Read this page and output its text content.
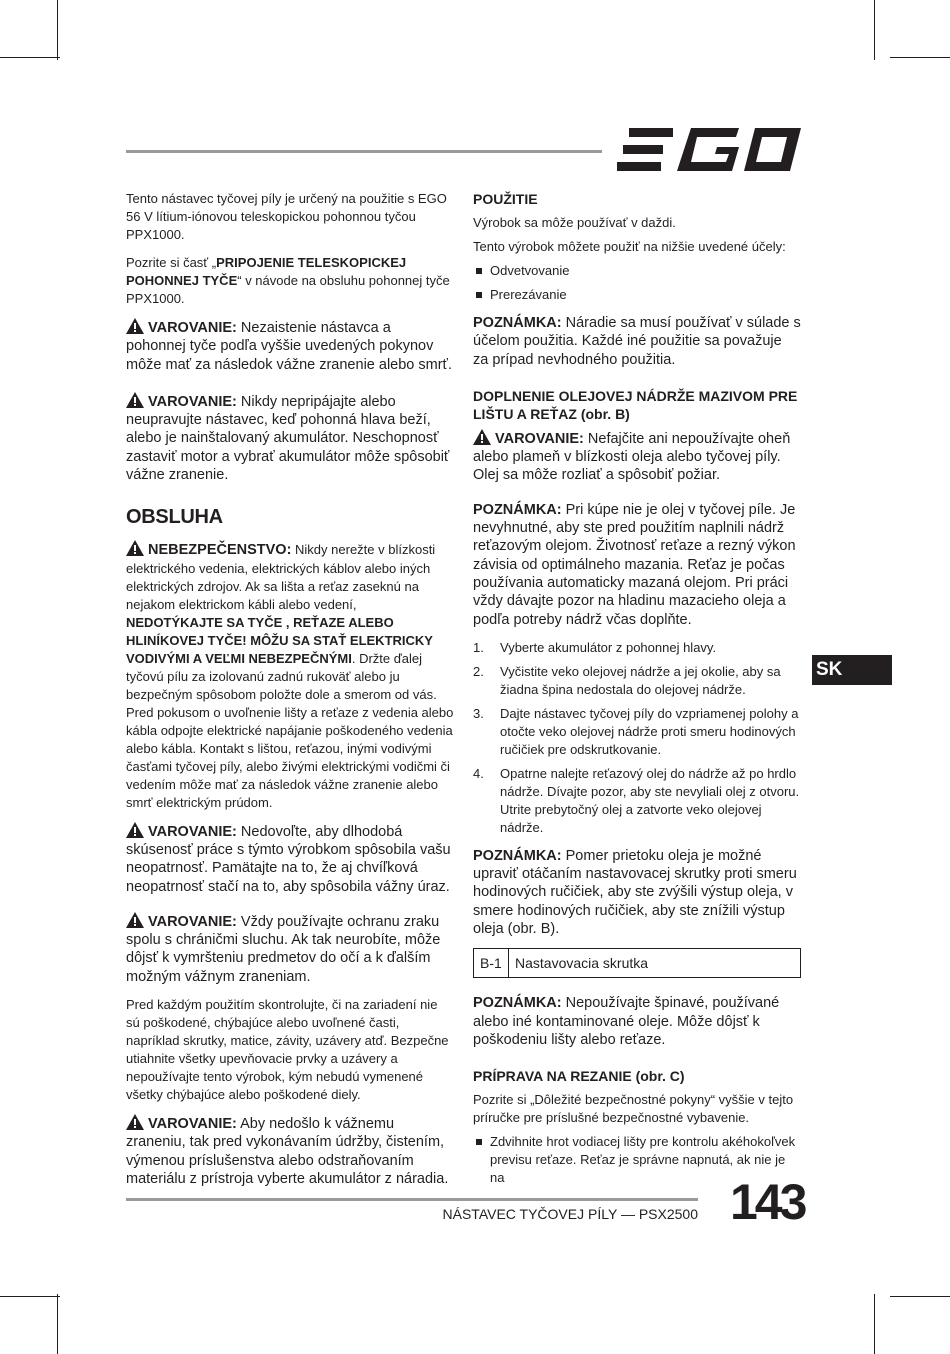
Tento nástavec tyčovej píly je určený na použitie s EGO 56 V lítium-iónovou teleskopickou pohonnou tyčou PPX1000.

Pozrite si časť „PRIPOJENIE TELESKOPICKEJ POHONNEJ TYČE“ v návode na obsluhu pohonnej tyče PPX1000.

VAROVANIE: Nezaistenie nástavca a pohonnej tyče podľa vyššie uvedených pokynov môže mať za následok vážne zranenie alebo smrť.

VAROVANIE: Nikdy nepripájajte alebo neupravujte nástavec, keď pohonná hlava beží, alebo je nainštalovaný akumulátor. Neschopnosť zastaviť motor a vybrať akumulátor môže spôsobiť vážne zranenie.

OBSLUHA

NEBEZPEČENSTVO: Nikdy nerežte v blízkosti elektrického vedenia, elektrických káblov alebo iných elektrických zdrojov. Ak sa lišta a reťaz zaseknú na nejakom elektrickom kábli alebo vedení, NEDOTÝKAJTE SA TYČE , REŤAZE ALEBO HLINÍKOVEJ TYČE! MÔŽU SA STAŤ ELEKTRICKY VODIVÝMI A VEĽMI NEBEZPEČNÝMI. Držte ďalej tyčovú pílu za izolovanú zadnú rukoväť alebo ju bezpečným spôsobom položte dole a smerom od vás. Pred pokusom o uvoľnenie lišty a reťaze z vedenia alebo kábla odpojte elektrické napájanie poškodeného vedenia alebo kábla. Kontakt s lištou, reťazou, inými vodivými časťami tyčovej píly, alebo živými elektrickými vodičmi či vedením môže mať za následok vážne zranenie alebo smrť elektrickým prúdom.

VAROVANIE: Nedovoľte, aby dlhodobá skúsenosť práce s týmto výrobkom spôsobila vašu neopatrnosť. Pamätajte na to, že aj chvíľková neopatrnosť stačí na to, aby spôsobila vážny úraz.

VAROVANIE: Vždy používajte ochranu zraku spolu s chráničmi sluchu. Ak tak neurobíte, môže dôjsť k vymršteniu predmetov do očí a k ďalším možným vážnym zraneniam.

Pred každým použitím skontrolujte, či na zariadení nie sú poškodené, chýbajúce alebo uvoľnené časti, napríklad skrutky, matice, závity, uzávery atď. Bezpečne utiahnite všetky upevňovacie prvky a uzávery a nepoužívajte tento výrobok, kým nebudú vymenené všetky chýbajúce alebo poškodené diely.

VAROVANIE: Aby nedošlo k vážnemu zraneniu, tak pred vykonávaním údržby, čistením, výmenou príslušenstva alebo odstraňovaním materiálu z prístroja vyberte akumulátor z náradia.

POUŽITIE

Výrobok sa môže používať v daždi.

Tento výrobok môžete použiť na nižšie uvedené účely:

Odvetvovanie
Prerezávanie

POZNÁMKA: Náradie sa musí používať v súlade s účelom použitia. Každé iné použitie sa považuje za prípad nevhodného použitia.

DOPLNENIE OLEJOVEJ NÁDRŽE MAZIVOM PRE LIŠTU A REŤAZ (obr. B)

VAROVANIE: Nefajčite ani nepoužívajte oheň alebo plameň v blízkosti oleja alebo tyčovej píly. Olej sa môže rozliať a spôsobiť požiar.

POZNÁMKA: Pri kúpe nie je olej v tyčovej píle. Je nevyhnutné, aby ste pred použitím naplnili nádrž reťazovým olejom. Životnosť reťaze a rezný výkon závisia od optimálneho mazania. Reťaz je počas používania automaticky mazaná olejom. Pri práci vždy dávajte pozor na hladinu mazacieho oleja a podľa potreby nádrž včas doplňte.

1. Vyberte akumulátor z pohonnej hlavy.
2. Vyčistite veko olejovej nádrže a jej okolie, aby sa žiadna špina nedostala do olejovej nádrže.
3. Dajte nástavec tyčovej píly do vzpriamenej polohy a otočte veko olejovej nádrže proti smeru hodinových ručičiek pre odskrutkovanie.
4. Opatrne nalejte reťazový olej do nádrže až po hrdlo nádrže. Dívajte pozor, aby ste nevyliali olej z otvoru. Utrite prebytočný olej a zatvorte veko olejovej nádrže.

POZNÁMKA: Pomer prietoku oleja je možné upraviť otáčaním nastavovacej skrutky proti smeru hodinových ručičiek, aby ste zvýšili výstup oleja, v smere hodinových ručičiek, aby ste znížili výstup oleja (obr. B).

B-1	Nastavovacia skrutka

POZNÁMKA: Nepoužívajte špinavé, používané alebo iné kontaminované oleje. Môže dôjsť k poškodeniu lišty alebo reťaze.

PRÍPRAVA NA REZANIE (obr. C)

Pozrite si „Dôležité bezpečnostné pokyny“ vyššie v tejto príručke pre príslušné bezpečnostné vybavenie.

Zdvihnite hrot vodiacej lišty pre kontrolu akéhokoľvek previsu reťaze. Reťaz je správne napnutá, ak nie je na
SK
NÁSTAVEC TYČOVEJ PÍLY — PSX2500 143
